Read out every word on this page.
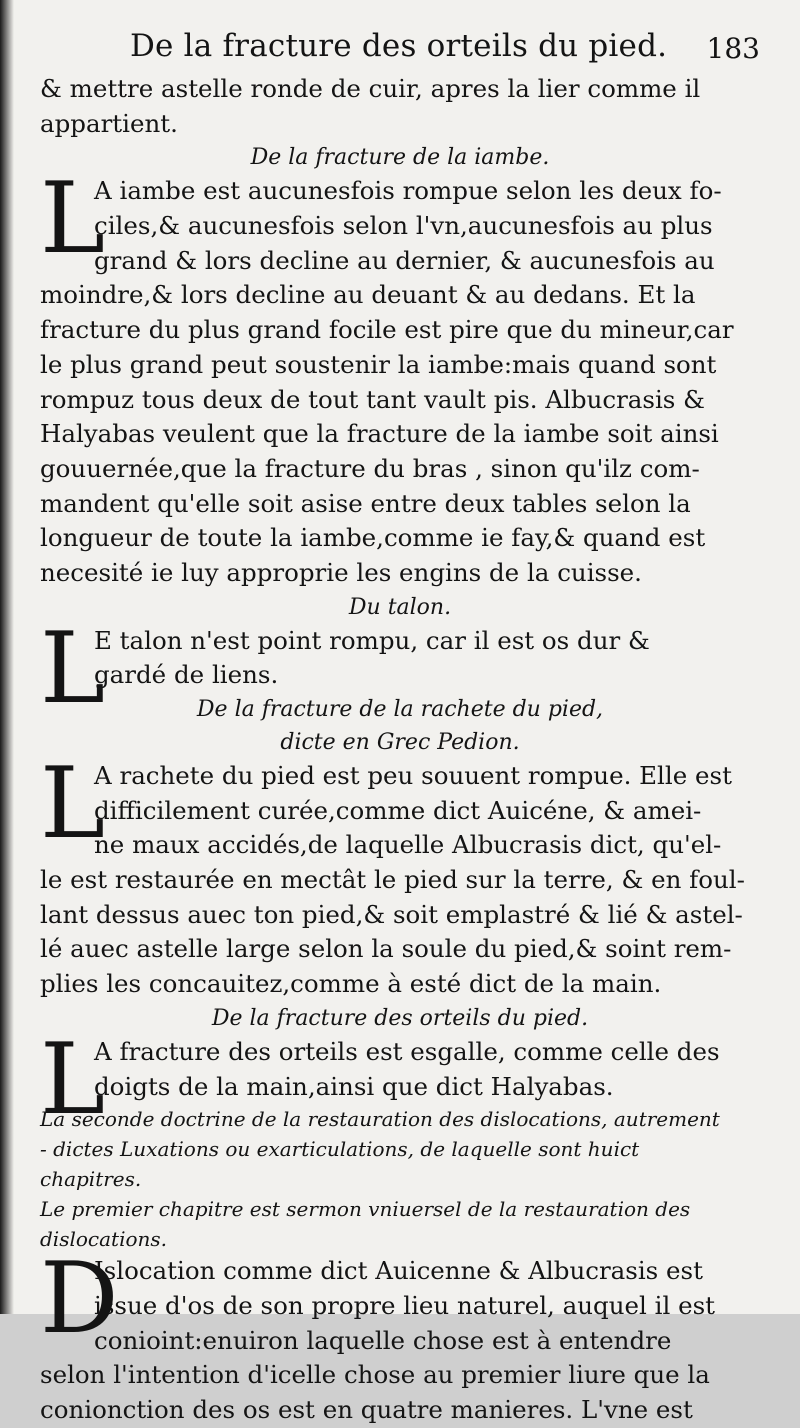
De la fracture des orteils du pied. 183
& mettre astelle ronde de cuir, apres la lier comme il
appartient.
De la fracture de la iambe.
L
A iambe est aucunesfois rompue selon les deux fo-
ciles,& aucunesfois selon l'vn,aucunesfois au plus
grand & lors decline au dernier, & aucunesfois au
moindre,& lors decline au deuant & au dedans. Et la
fracture du plus grand focile est pire que du mineur,car
le plus grand peut soustenir la iambe:mais quand sont
rompuz tous deux de tout tant vault pis. Albucrasis &
Halyabas veulent que la fracture de la iambe soit ainsi
gouuernée,que la fracture du bras , sinon qu'ilz com-
mandent qu'elle soit asise entre deux tables selon la
longueur de toute la iambe,comme ie fay,& quand est
necesité ie luy approprie les engins de la cuisse.
Du talon.
L
E talon n'est point rompu, car il est os dur &
gardé de liens.
De la fracture de la rachete du pied,
dicte en Grec Pedion.
L
A rachete du pied est peu souuent rompue. Elle est
difficilement curée,comme dict Auicéne, & amei-
ne maux accidés,de laquelle Albucrasis dict, qu'el-
le est restaurée en mectât le pied sur la terre, & en foul-
lant dessus auec ton pied,& soit emplastré & lié & astel-
lé auec astelle large selon la soule du pied,& soint rem-
plies les concauitez,comme à esté dict de la main.
De la fracture des orteils du pied.
L
A fracture des orteils est esgalle, comme celle des
doigts de la main,ainsi que dict Halyabas.
La seconde doctrine de la restauration des dislocations, autrement
- dictes Luxations ou exarticulations, de laquelle sont huict
chapitres.
Le premier chapitre est sermon vniuersel de la restauration des
dislocations.
D
Islocation comme dict Auicenne & Albucrasis est
issue d'os de son propre lieu naturel, auquel il est
conioint:enuiron laquelle chose est à entendre
selon l'intention d'icelle chose au premier liure que la
conionction des os est en quatre manieres. L'vne est
